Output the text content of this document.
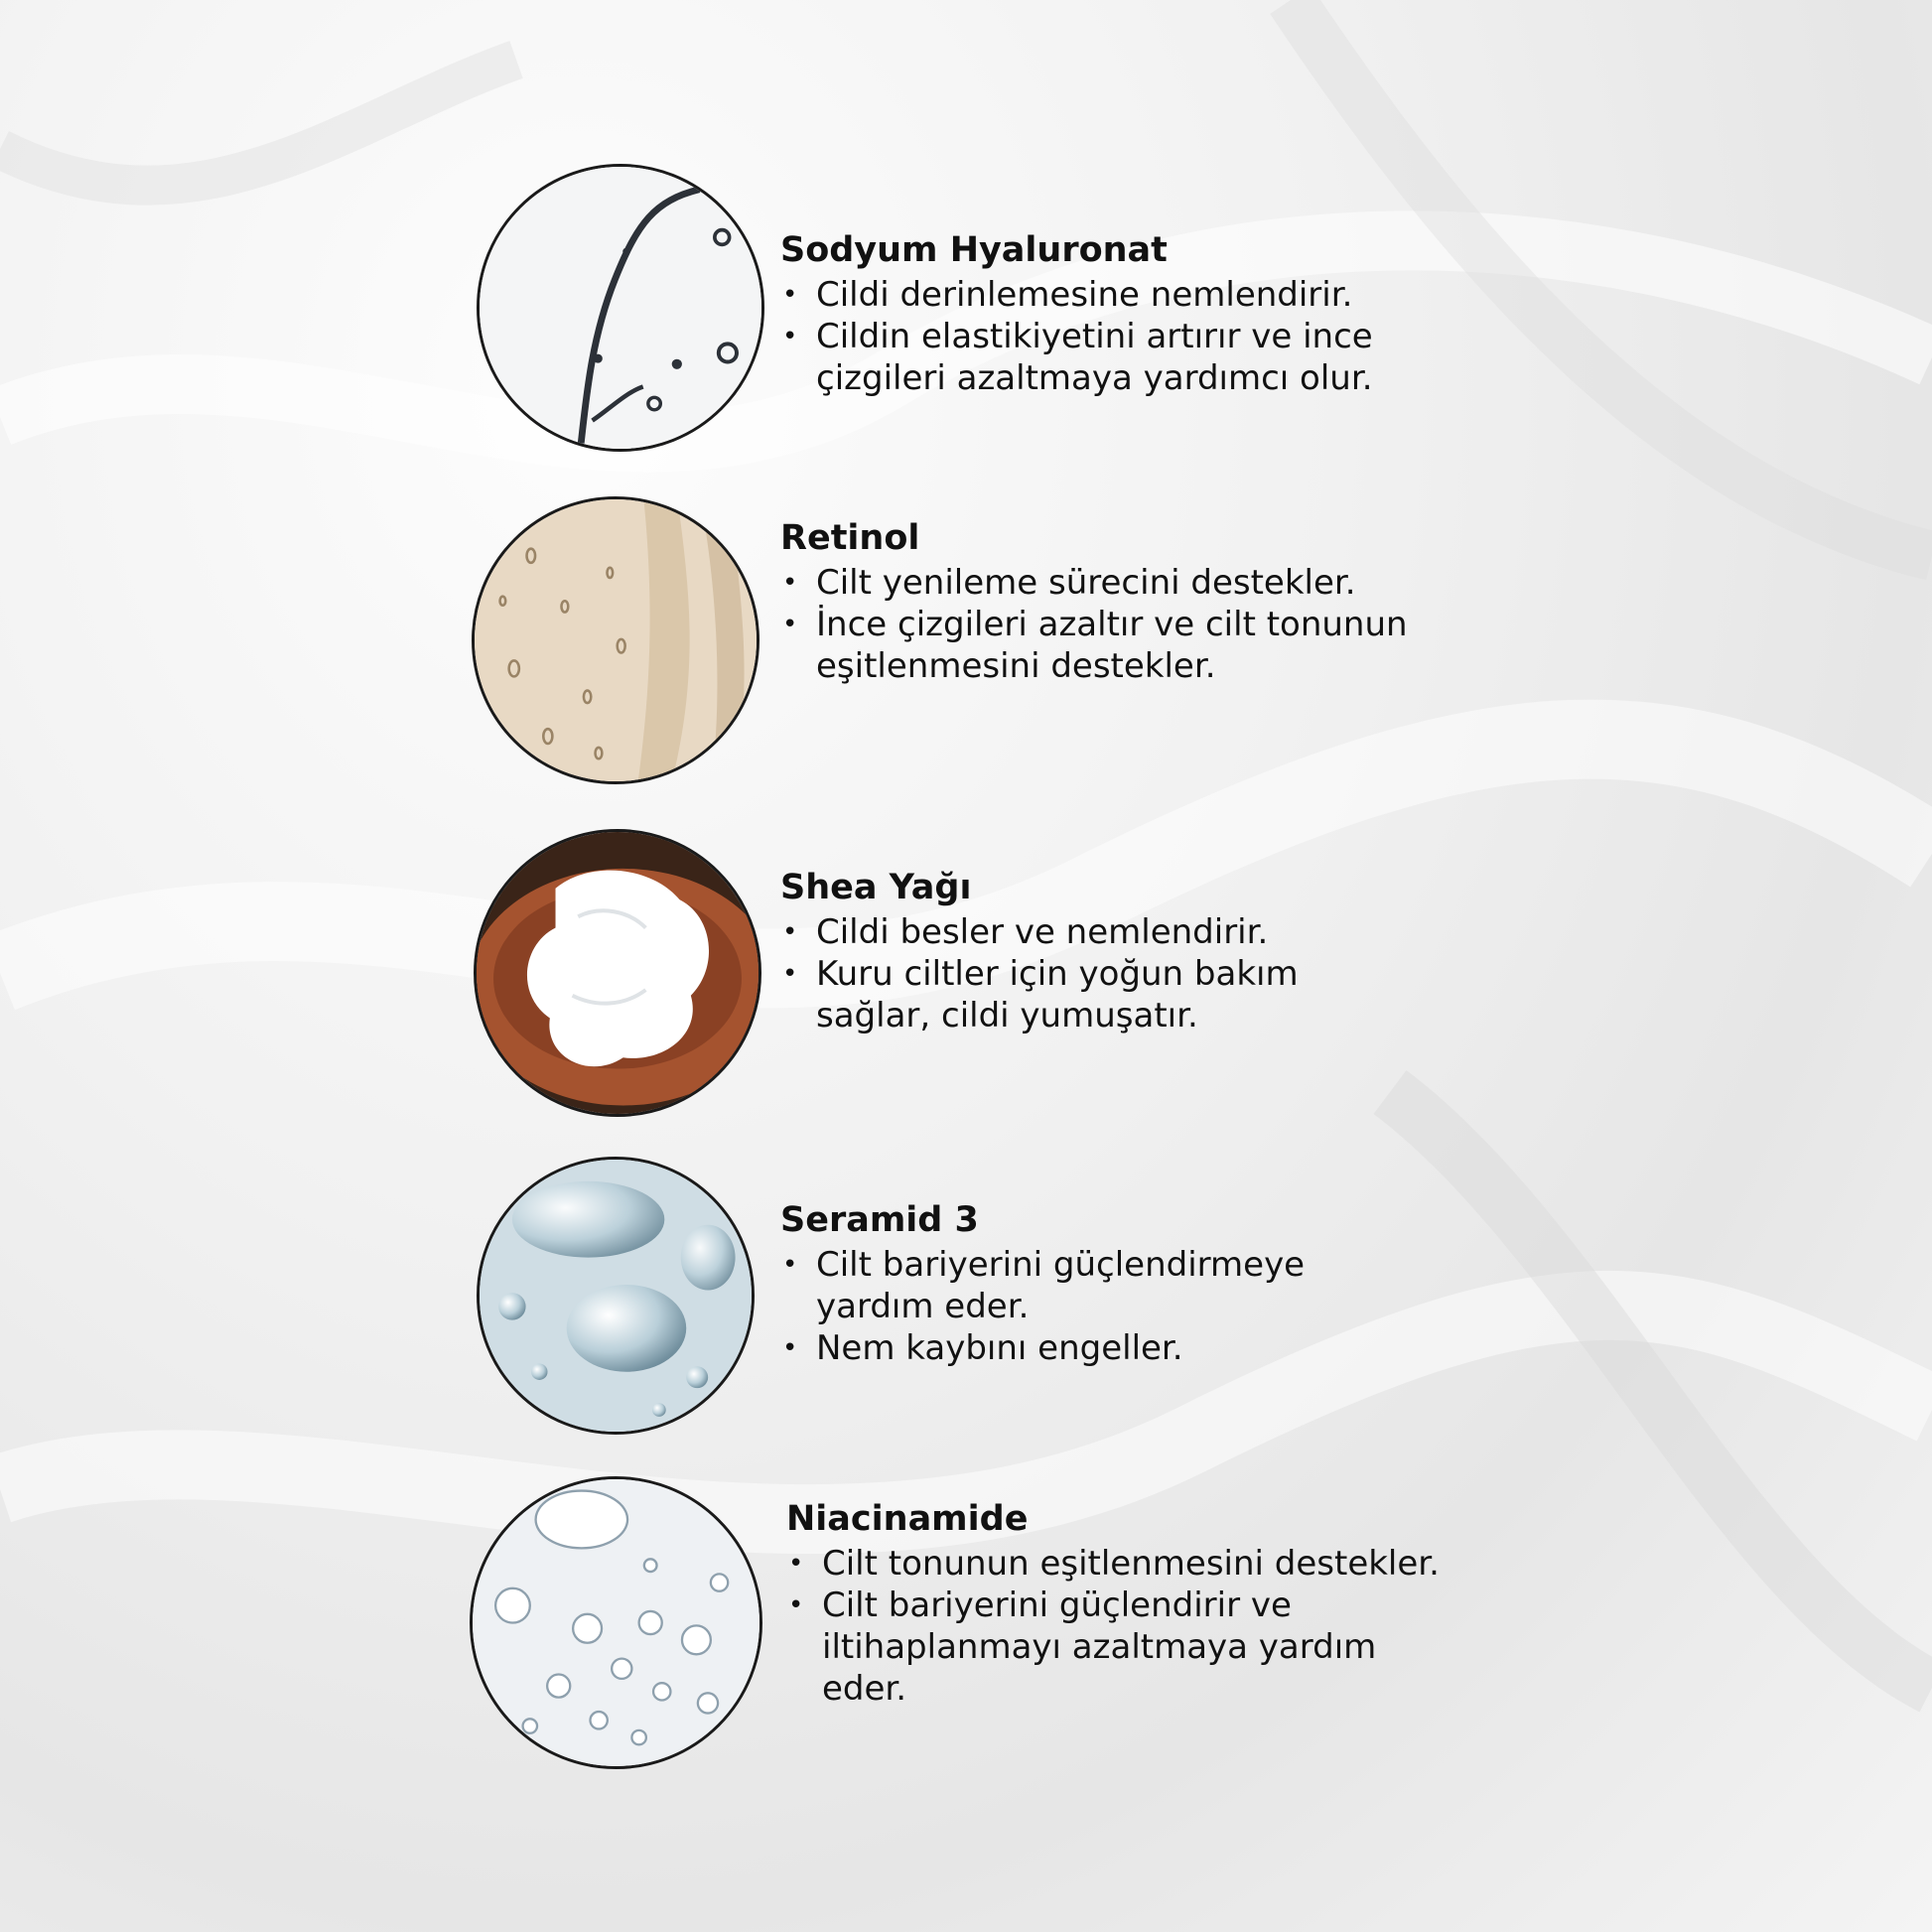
Sodyum Hyaluronat
• Cildi derinlemesine nemlendirir.
• Cildin elastikiyetini artırır ve ince çizgileri azaltmaya yardımcı olur.
Retinol
• Cilt yenileme sürecini destekler.
• İnce çizgileri azaltır ve cilt tonunun eşitlenmesini destekler.
Shea Yağı
• Cildi besler ve nemlendirir.
• Kuru ciltler için yoğun bakım sağlar, cildi yumuşatır.
Seramid 3
• Cilt bariyerini güçlendirmeye yardım eder.
• Nem kaybını engeller.
Niacinamide
• Cilt tonunun eşitlenmesini destekler.
• Cilt bariyerini güçlendirir ve iltihaplanmayı azaltmaya yardım eder.
